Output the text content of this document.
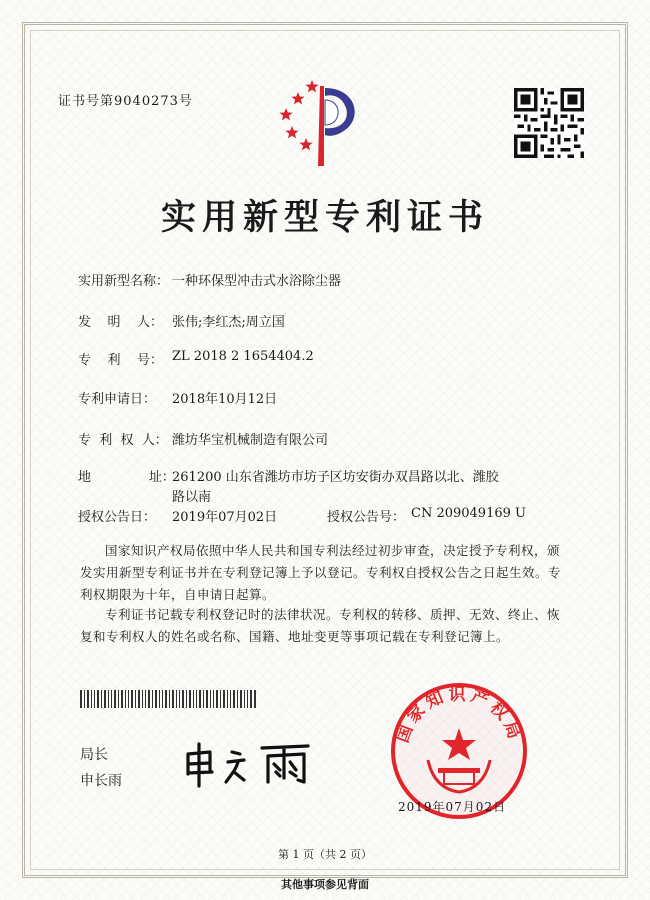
证书号第9040273号
实用新型专利证书
实用新型名称： 一种环保型冲击式水浴除尘器
发    明    人： 张伟;李红杰;周立国
专    利    号： ZL 2018 2 1654404.2
专利申请日： 2018年10月12日
专  利  权  人： 潍坊华宝机械制造有限公司
地              址：
261200 山东省潍坊市坊子区坊安街办双昌路以北、潍胶
路以南
授权公告日： 2019年07月02日	授权公告号： CN 209049169 U
国家知识产权局依照中华人民共和国专利法经过初步审查，决定授予专利权，颁发实用新型专利证书并在专利登记簿上予以登记。专利权自授权公告之日起生效。专利权期限为十年，自申请日起算。
专利证书记载专利权登记时的法律状况。专利权的转移、质押、无效、终止、恢复和专利权人的姓名或名称、国籍、地址变更等事项记载在专利登记簿上。
局长
申长雨
国家知识产权局
2019年07月02日
第 1 页（共 2 页）
其他事项参见背面
